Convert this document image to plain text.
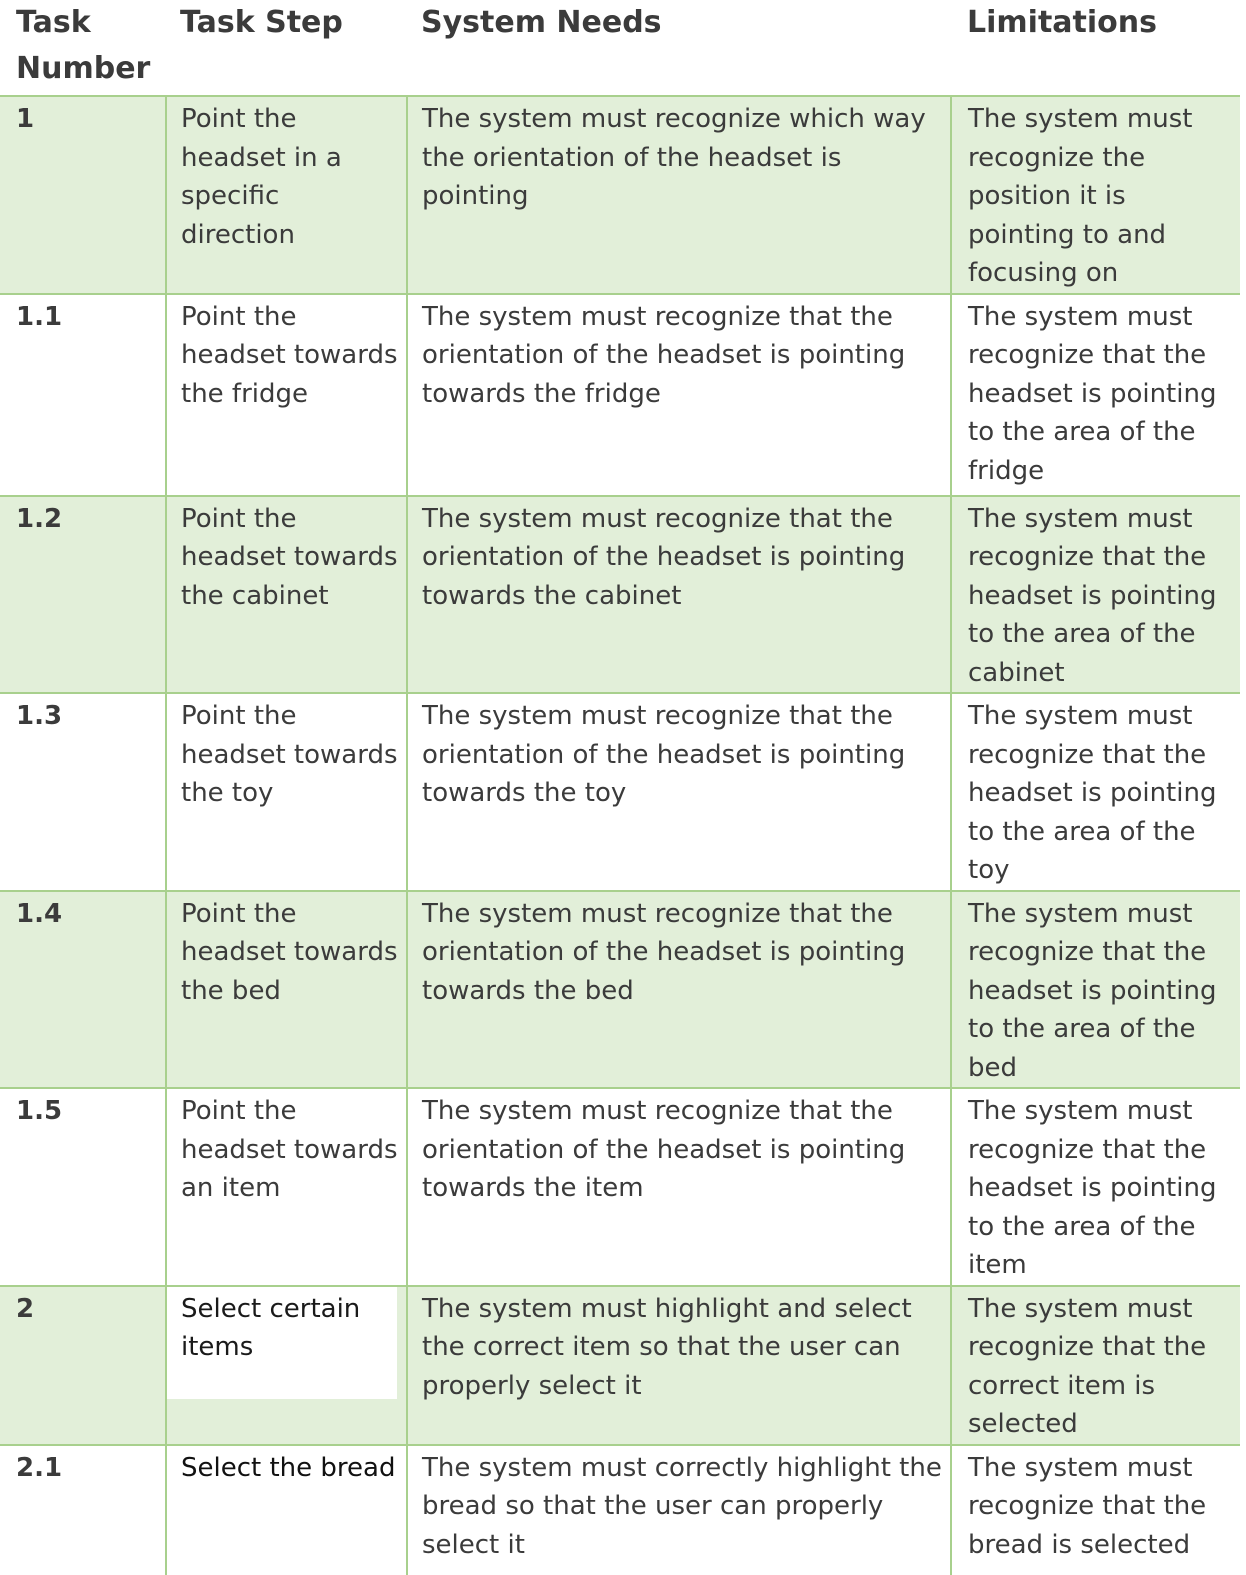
Task Number	Task Step	System Needs	Limitations
1	Point the headset in a specific direction	The system must recognize which way the orientation of the headset is pointing	The system must recognize the position it is pointing to and focusing on
1.1	Point the headset towards the fridge	The system must recognize that the orientation of the headset is pointing towards the fridge	The system must recognize that the headset is pointing to the area of the fridge
1.2	Point the headset towards the cabinet	The system must recognize that the orientation of the headset is pointing towards the cabinet	The system must recognize that the headset is pointing to the area of the cabinet
1.3	Point the headset towards the toy	The system must recognize that the orientation of the headset is pointing towards the toy	The system must recognize that the headset is pointing to the area of the toy
1.4	Point the headset towards the bed	The system must recognize that the orientation of the headset is pointing towards the bed	The system must recognize that the headset is pointing to the area of the bed
1.5	Point the headset towards an item	The system must recognize that the orientation of the headset is pointing towards the item	The system must recognize that the headset is pointing to the area of the item
2	Select certain items	The system must highlight and select the correct item so that the user can properly select it	The system must recognize that the correct item is selected
2.1	Select the bread	The system must correctly highlight the bread so that the user can properly select it	The system must recognize that the bread is selected
